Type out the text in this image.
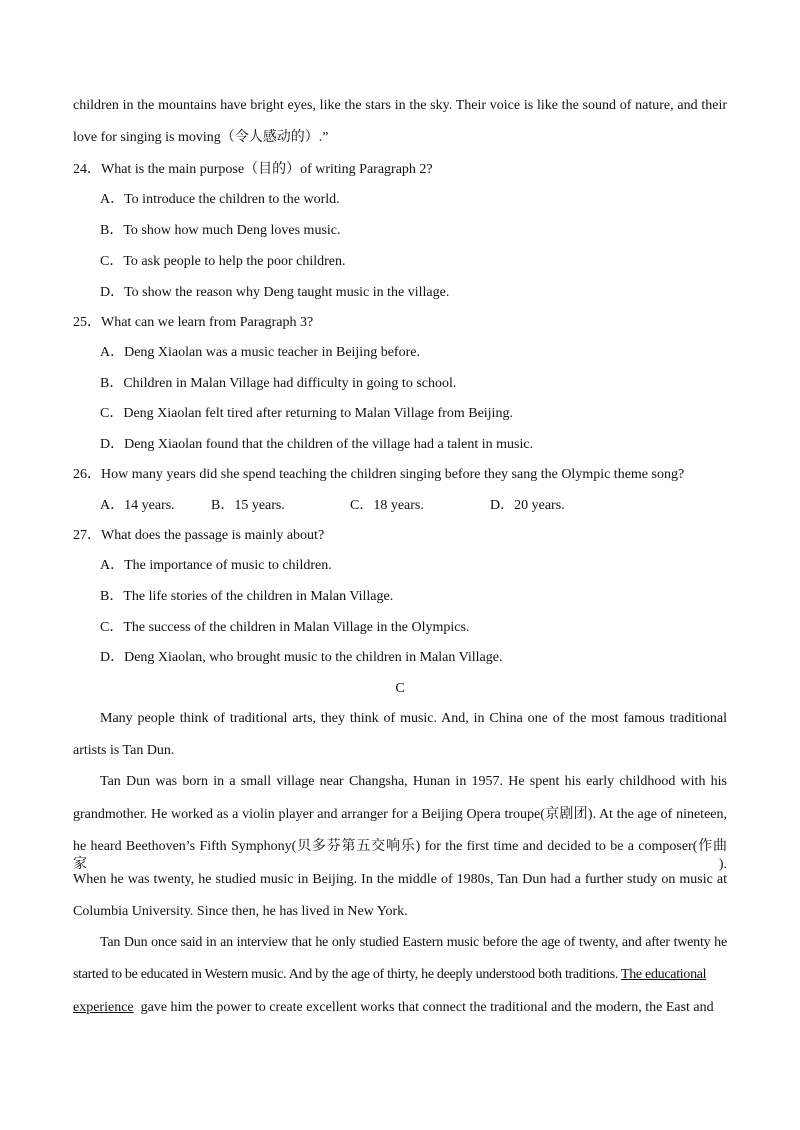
children in the mountains have bright eyes, like the stars in the sky. Their voice is like the sound of nature, and their
love for singing is moving（令人感动的）.”
24．What is the main purpose（目的）of writing Paragraph 2?
A．To introduce the children to the world.
B．To show how much Deng loves music.
C．To ask people to help the poor children.
D．To show the reason why Deng taught music in the village.
25．What can we learn from Paragraph 3?
A．Deng Xiaolan was a music teacher in Beijing before.
B．Children in Malan Village had difficulty in going to school.
C．Deng Xiaolan felt tired after returning to Malan Village from Beijing.
D．Deng Xiaolan found that the children of the village had a talent in music.
26．How many years did she spend teaching the children singing before they sang the Olympic theme song?
A．14 years.	B．15 years.	C．18 years.	D．20 years.
27．What does the passage is mainly about?
A．The importance of music to children.
B．The life stories of the children in Malan Village.
C．The success of the children in Malan Village in the Olympics.
D．Deng Xiaolan, who brought music to the children in Malan Village.
C
Many people think of traditional arts, they think of music. And, in China one of the most famous traditional
artists is Tan Dun.
Tan Dun was born in a small village near Changsha, Hunan in 1957. He spent his early childhood with his
grandmother. He worked as a violin player and arranger for a Beijing Opera troupe(京剧团). At the age of nineteen,
he heard Beethoven’s Fifth Symphony(贝多芬第五交响乐) for the first time and decided to be a composer(作曲家).
When he was twenty, he studied music in Beijing. In the middle of 1980s, Tan Dun had a further study on music at
Columbia University. Since then, he has lived in New York.
Tan Dun once said in an interview that he only studied Eastern music before the age of twenty, and after twenty he
started to be educated in Western music. And by the age of thirty, he deeply understood both traditions. The educational
experience  gave him the power to create excellent works that connect the traditional and the modern, the East and
